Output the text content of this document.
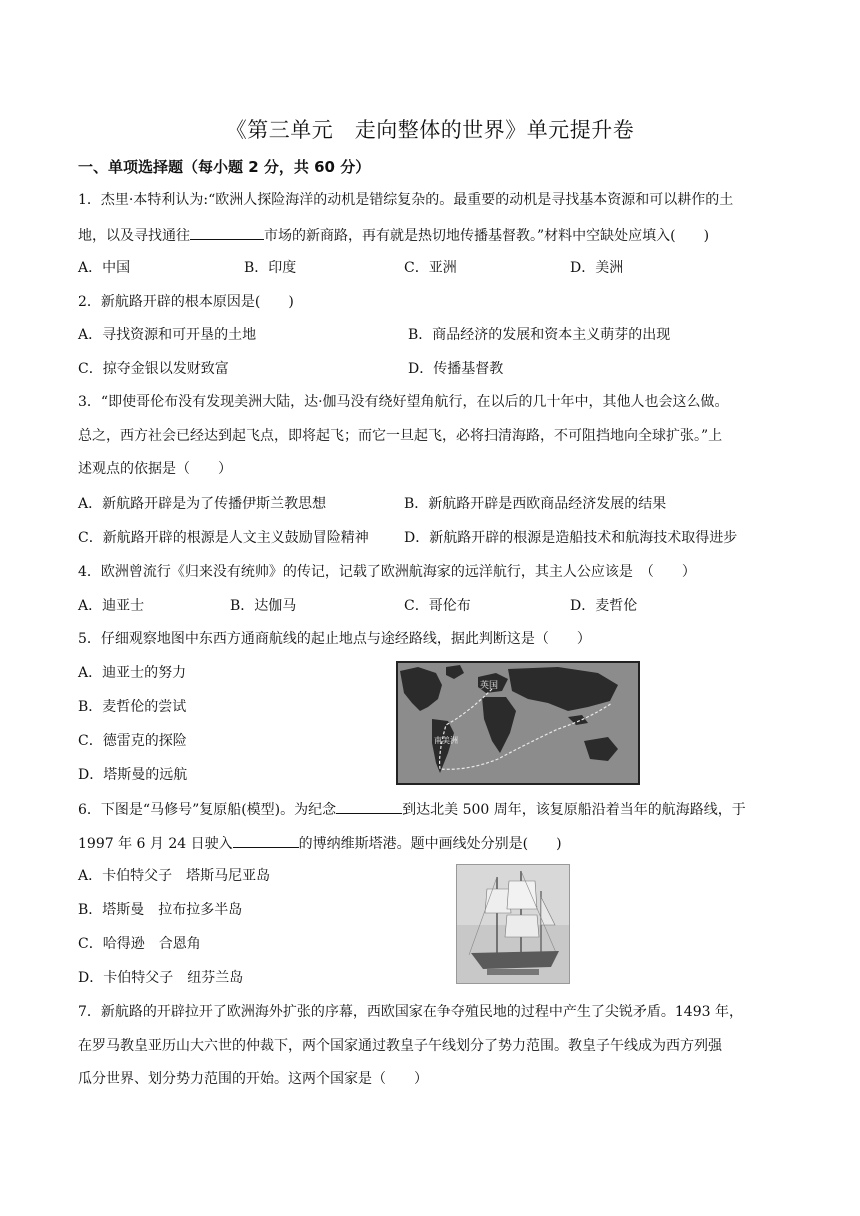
《第三单元　走向整体的世界》单元提升卷
一、单项选择题（每小题 2 分，共 60 分）
1．杰里·本特利认为:“欧洲人探险海洋的动机是错综复杂的。最重要的动机是寻找基本资源和可以耕作的土
地，以及寻找通往	市场的新商路，再有就是热切地传播基督教。”材料中空缺处应填入(　　)
A．中国	B．印度	C．亚洲	D．美洲
2．新航路开辟的根本原因是(　　)
A．寻找资源和可开垦的土地	B．商品经济的发展和资本主义萌芽的出现
C．掠夺金银以发财致富	D．传播基督教
3．“即使哥伦布没有发现美洲大陆，达·伽马没有绕好望角航行，在以后的几十年中，其他人也会这么做。
总之，西方社会已经达到起飞点，即将起飞；而它一旦起飞，必将扫清海路，不可阻挡地向全球扩张。”上
述观点的依据是（　　）
A．新航路开辟是为了传播伊斯兰教思想	B．新航路开辟是西欧商品经济发展的结果
C．新航路开辟的根源是人文主义鼓励冒险精神	D．新航路开辟的根源是造船技术和航海技术取得进步
4．欧洲曾流行《归来没有统帅》的传记，记载了欧洲航海家的远洋航行，其主人公应该是　（　　）
A．迪亚士	B．达伽马	C．哥伦布	D．麦哲伦
5．仔细观察地图中东西方通商航线的起止地点与途经路线，据此判断这是（　　）
A．迪亚士的努力
B．麦哲伦的尝试
C．德雷克的探险
D．塔斯曼的远航
英国
南美洲
6．下图是“马修号”复原船(模型)。为纪念	到达北美 500 周年，该复原船沿着当年的航海路线，于
1997 年 6 月 24 日驶入	的博纳维斯塔港。题中画线处分别是(　　)
A．卡伯特父子　塔斯马尼亚岛
B．塔斯曼　拉布拉多半岛
C．哈得逊　合恩角
D．卡伯特父子　纽芬兰岛
7．新航路的开辟拉开了欧洲海外扩张的序幕，西欧国家在争夺殖民地的过程中产生了尖锐矛盾。1493 年，
在罗马教皇亚历山大六世的仲裁下，两个国家通过教皇子午线划分了势力范围。教皇子午线成为西方列强
瓜分世界、划分势力范围的开始。这两个国家是（　　）
